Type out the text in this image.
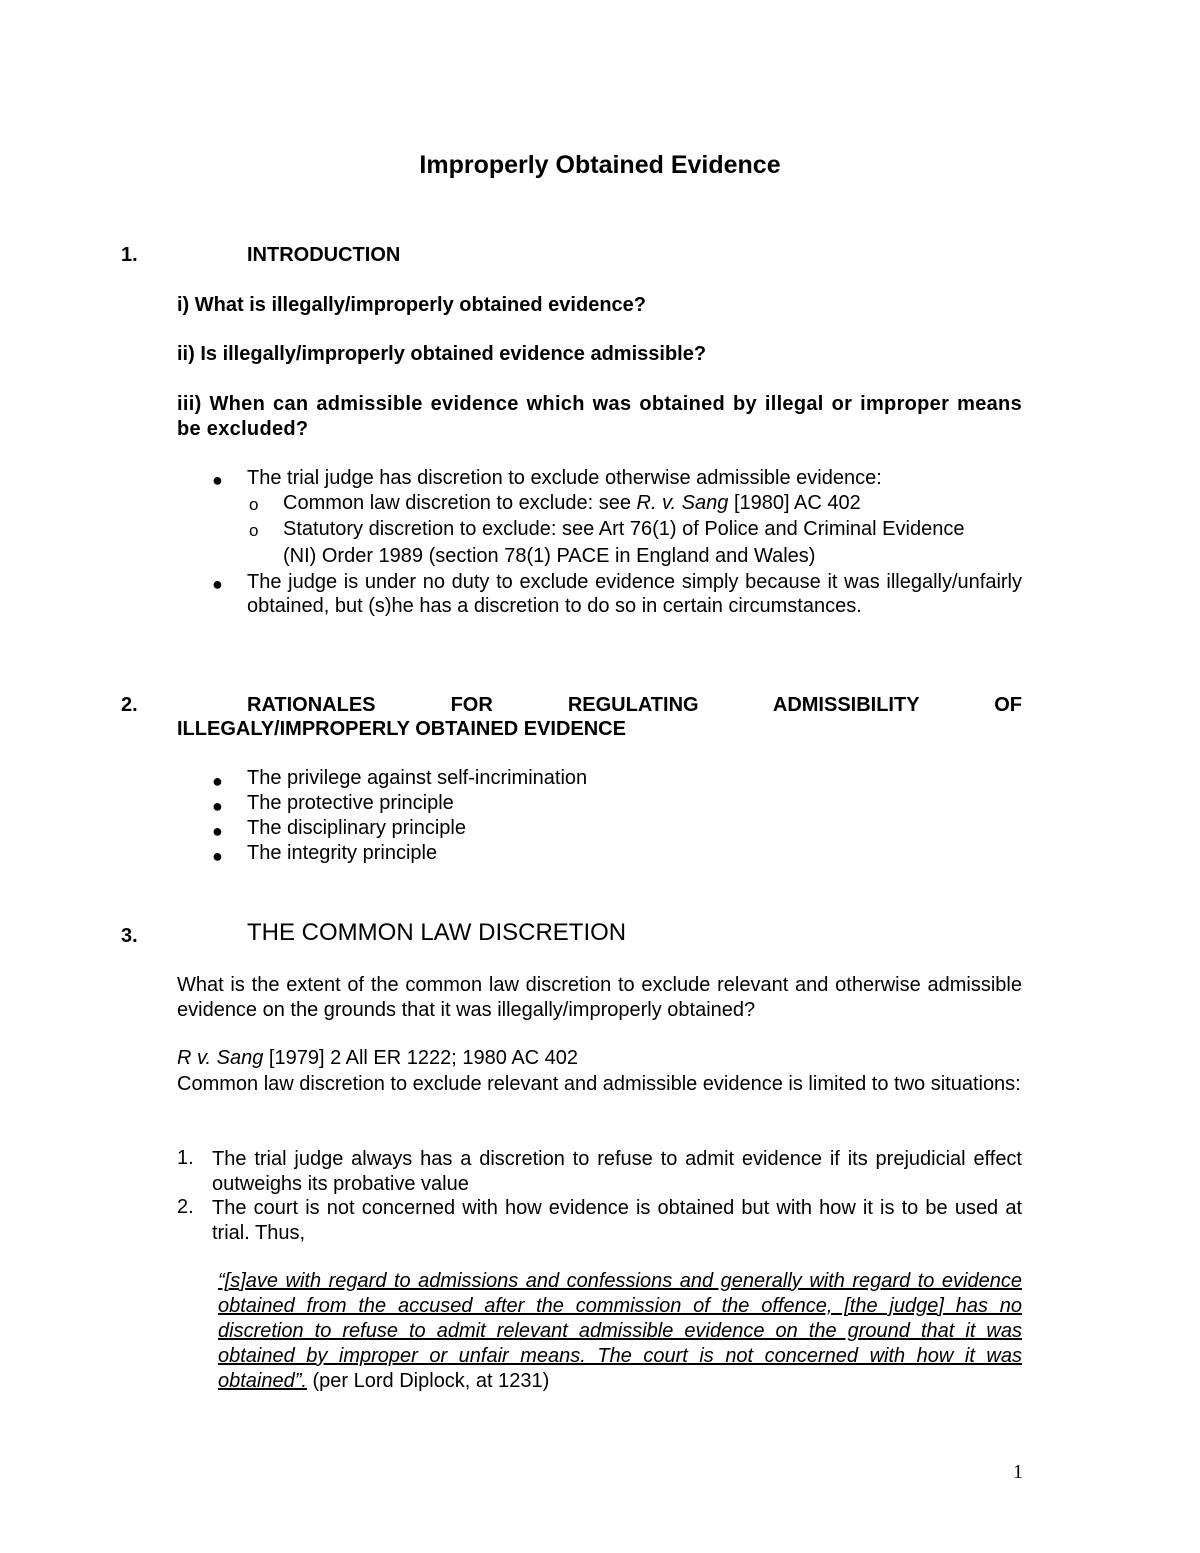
Improperly Obtained Evidence
1.	INTRODUCTION
i) What is illegally/improperly obtained evidence?
ii) Is illegally/improperly obtained evidence admissible?
iii) When can admissible evidence which was obtained by illegal or improper means be excluded?
● The trial judge has discretion to exclude otherwise admissible evidence:
o Common law discretion to exclude: see R. v. Sang [1980] AC 402
o Statutory discretion to exclude: see Art 76(1) of Police and Criminal Evidence
(NI) Order 1989 (section 78(1) PACE in England and Wales)
● The judge is under no duty to exclude evidence simply because it was illegally/unfairly obtained, but (s)he has a discretion to do so in certain circumstances.
2.	RATIONALES FOR REGULATING ADMISSIBILITY OF
ILLEGALY/IMPROPERLY OBTAINED EVIDENCE
● The privilege against self-incrimination
● The protective principle
● The disciplinary principle
● The integrity principle
3.	THE COMMON LAW DISCRETION
What is the extent of the common law discretion to exclude relevant and otherwise admissible evidence on the grounds that it was illegally/improperly obtained?
R v. Sang [1979] 2 All ER 1222; 1980 AC 402
Common law discretion to exclude relevant and admissible evidence is limited to two situations:
1. The trial judge always has a discretion to refuse to admit evidence if its prejudicial effect outweighs its probative value
2. The court is not concerned with how evidence is obtained but with how it is to be used at trial. Thus,
“[s]ave with regard to admissions and confessions and generally with regard to evidence obtained from the accused after the commission of the offence, [the judge] has no discretion to refuse to admit relevant admissible evidence on the ground that it was obtained by improper or unfair means. The court is not concerned with how it was obtained”. (per Lord Diplock, at 1231)
1
